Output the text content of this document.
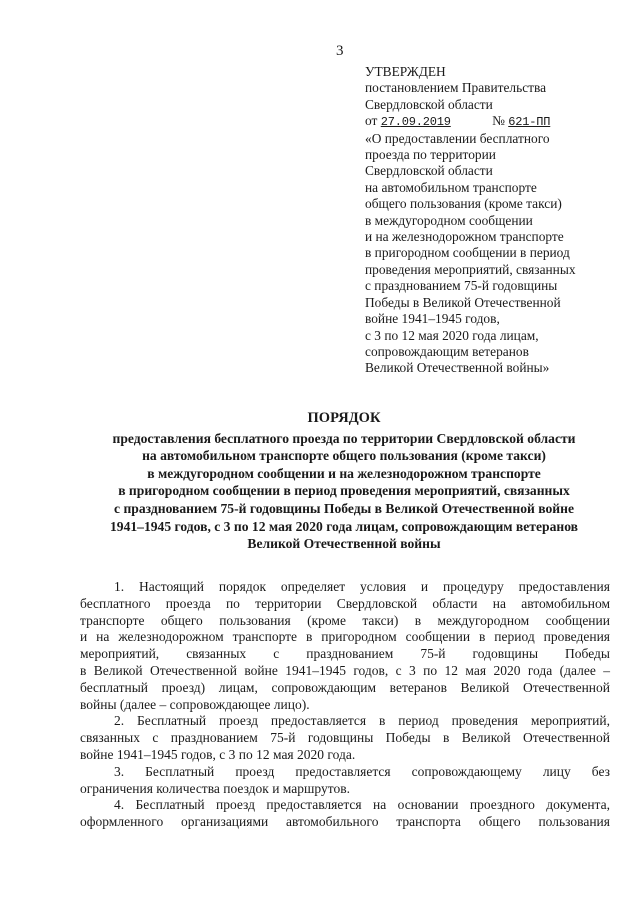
3
УТВЕРЖДЕН
постановлением Правительства
Свердловской области
от 27.09.2019	№ 621-ПП
«О предоставлении бесплатного
проезда по территории
Свердловской области
на автомобильном транспорте
общего пользования (кроме такси)
в междугородном сообщении
и на железнодорожном транспорте
в пригородном сообщении в период
проведения мероприятий, связанных
с празднованием 75-й годовщины
Победы в Великой Отечественной
войне 1941–1945 годов,
с 3 по 12 мая 2020 года лицам,
сопровождающим ветеранов
Великой Отечественной войны»
ПОРЯДОК
предоставления бесплатного проезда по территории Свердловской области
на автомобильном транспорте общего пользования (кроме такси)
в междугородном сообщении и на железнодорожном транспорте
в пригородном сообщении в период проведения мероприятий, связанных
с празднованием 75-й годовщины Победы в Великой Отечественной войне
1941–1945 годов, с 3 по 12 мая 2020 года лицам, сопровождающим ветеранов
Великой Отечественной войны

1. Настоящий порядок определяет условия и процедуру предоставления
бесплатного проезда по территории Свердловской области на автомобильном
транспорте общего пользования (кроме такси) в междугородном сообщении
и на железнодорожном транспорте в пригородном сообщении в период проведения
мероприятий, связанных с празднованием 75-й годовщины Победы
в Великой Отечественной войне 1941–1945 годов, с 3 по 12 мая 2020 года (далее –
бесплатный проезд) лицам, сопровождающим ветеранов Великой Отечественной
войны (далее – сопровождающее лицо).

2. Бесплатный проезд предоставляется в период проведения мероприятий,
связанных с празднованием 75-й годовщины Победы в Великой Отечественной
войне 1941–1945 годов, с 3 по 12 мая 2020 года.

3. Бесплатный проезд предоставляется сопровождающему лицу без
ограничения количества поездок и маршрутов.

4. Бесплатный проезд предоставляется на основании проездного документа,
оформленного организациями автомобильного транспорта общего пользования
